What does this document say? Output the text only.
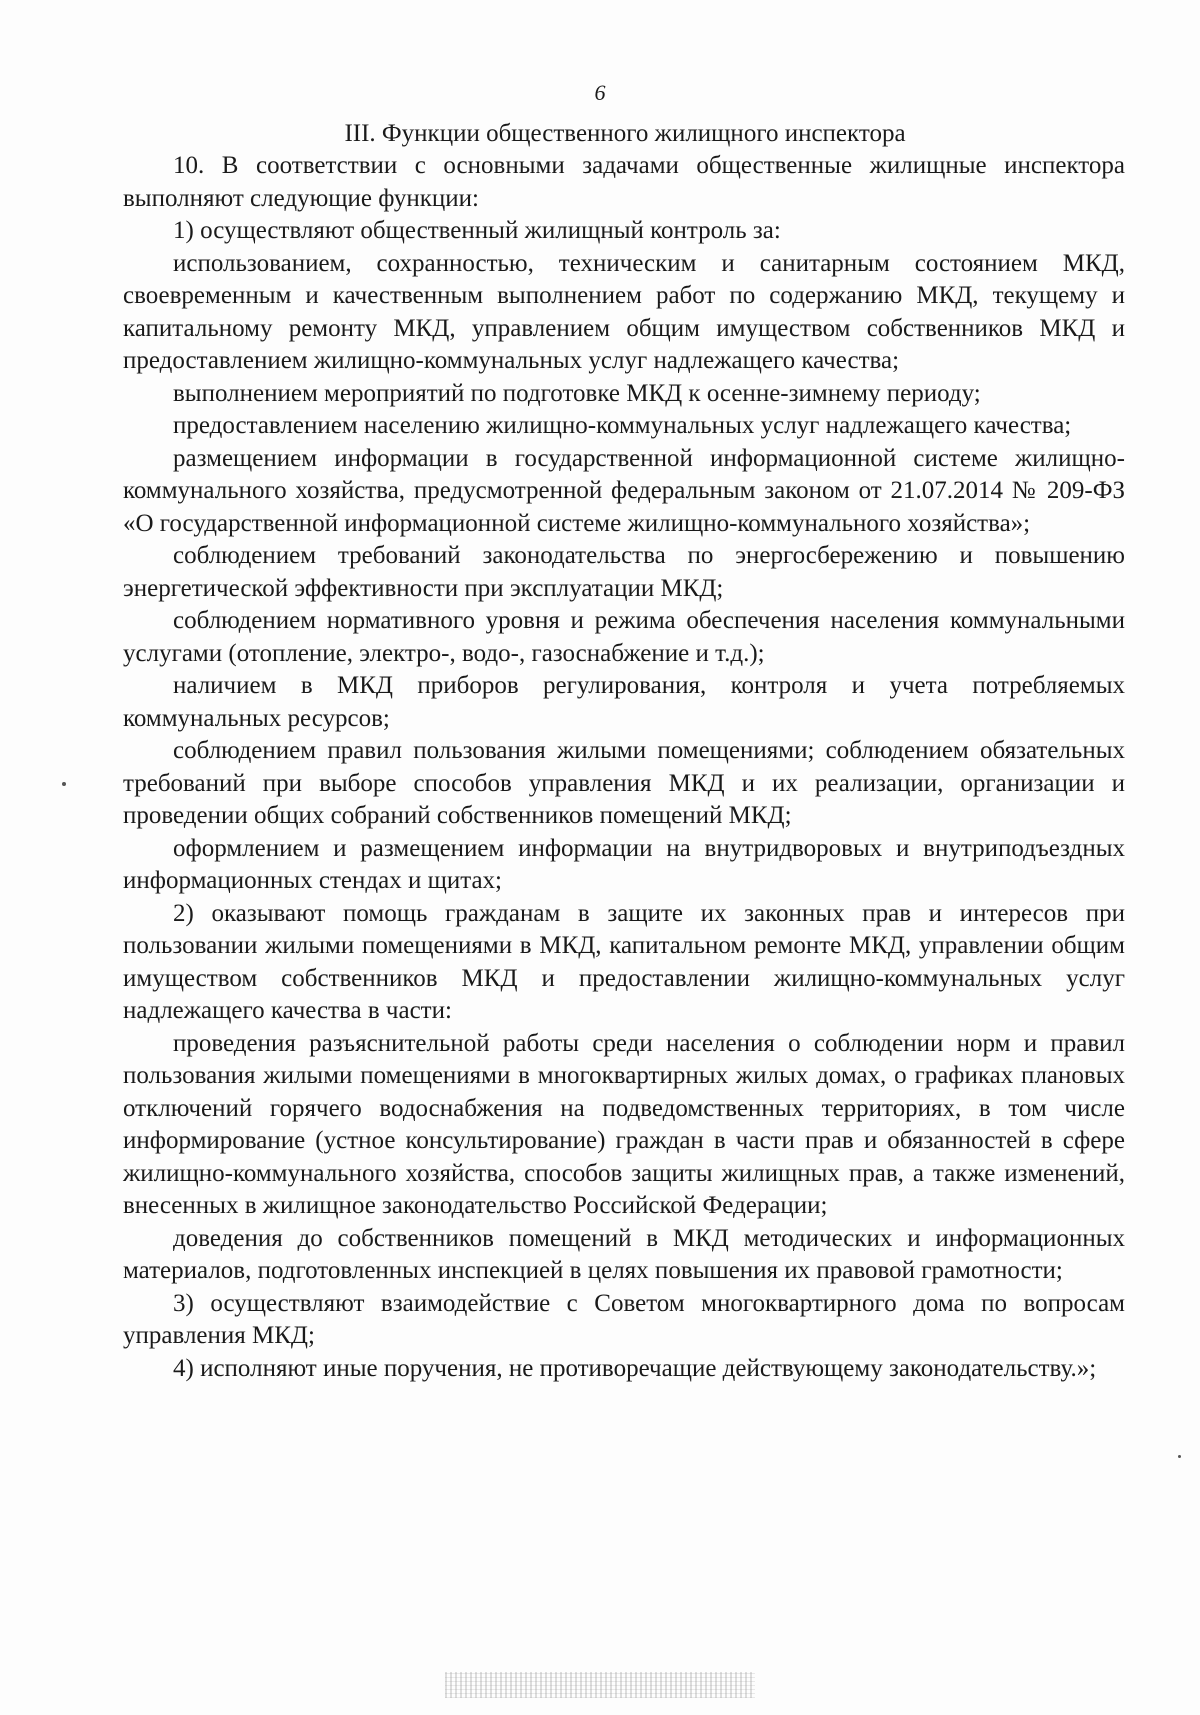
6
III. Функции общественного жилищного инспектора

10. В соответствии с основными задачами общественные жилищные инспектора выполняют следующие функции:

1) осуществляют общественный жилищный контроль за:

использованием, сохранностью, техническим и санитарным состоянием МКД, своевременным и качественным выполнением работ по содержанию МКД, текущему и капитальному ремонту МКД, управлением общим имуществом собственников МКД и предоставлением жилищно-коммунальных услуг надлежащего качества;

выполнением мероприятий по подготовке МКД к осенне-зимнему периоду;

предоставлением населению жилищно-коммунальных услуг надлежащего качества;

размещением информации в государственной информационной системе жилищно-коммунального хозяйства, предусмотренной федеральным законом от 21.07.2014 № 209-ФЗ «О государственной информационной системе жилищно-коммунального хозяйства»;

соблюдением требований законодательства по энергосбережению и повышению энергетической эффективности при эксплуатации МКД;

соблюдением нормативного уровня и режима обеспечения населения коммунальными услугами (отопление, электро-, водо-, газоснабжение и т.д.);

наличием в МКД приборов регулирования, контроля и учета потребляемых коммунальных ресурсов;

соблюдением правил пользования жилыми помещениями; соблюдением обязательных требований при выборе способов управления МКД и их реализации, организации и проведении общих собраний собственников помещений МКД;

оформлением и размещением информации на внутридворовых и внутриподъездных информационных стендах и щитах;

2) оказывают помощь гражданам в защите их законных прав и интересов при пользовании жилыми помещениями в МКД, капитальном ремонте МКД, управлении общим имуществом собственников МКД и предоставлении жилищно-коммунальных услуг надлежащего качества в части:

проведения разъяснительной работы среди населения о соблюдении норм и правил пользования жилыми помещениями в многоквартирных жилых домах, о графиках плановых отключений горячего водоснабжения на подведомственных территориях, в том числе информирование (устное консультирование) граждан в части прав и обязанностей в сфере жилищно-коммунального хозяйства, способов защиты жилищных прав, а также изменений, внесенных в жилищное законодательство Российской Федерации;

доведения до собственников помещений в МКД методических и информационных материалов, подготовленных инспекцией в целях повышения их правовой грамотности;

3) осуществляют взаимодействие с Советом многоквартирного дома по вопросам управления МКД;

4) исполняют иные поручения, не противоречащие действующему законодательству.»;
